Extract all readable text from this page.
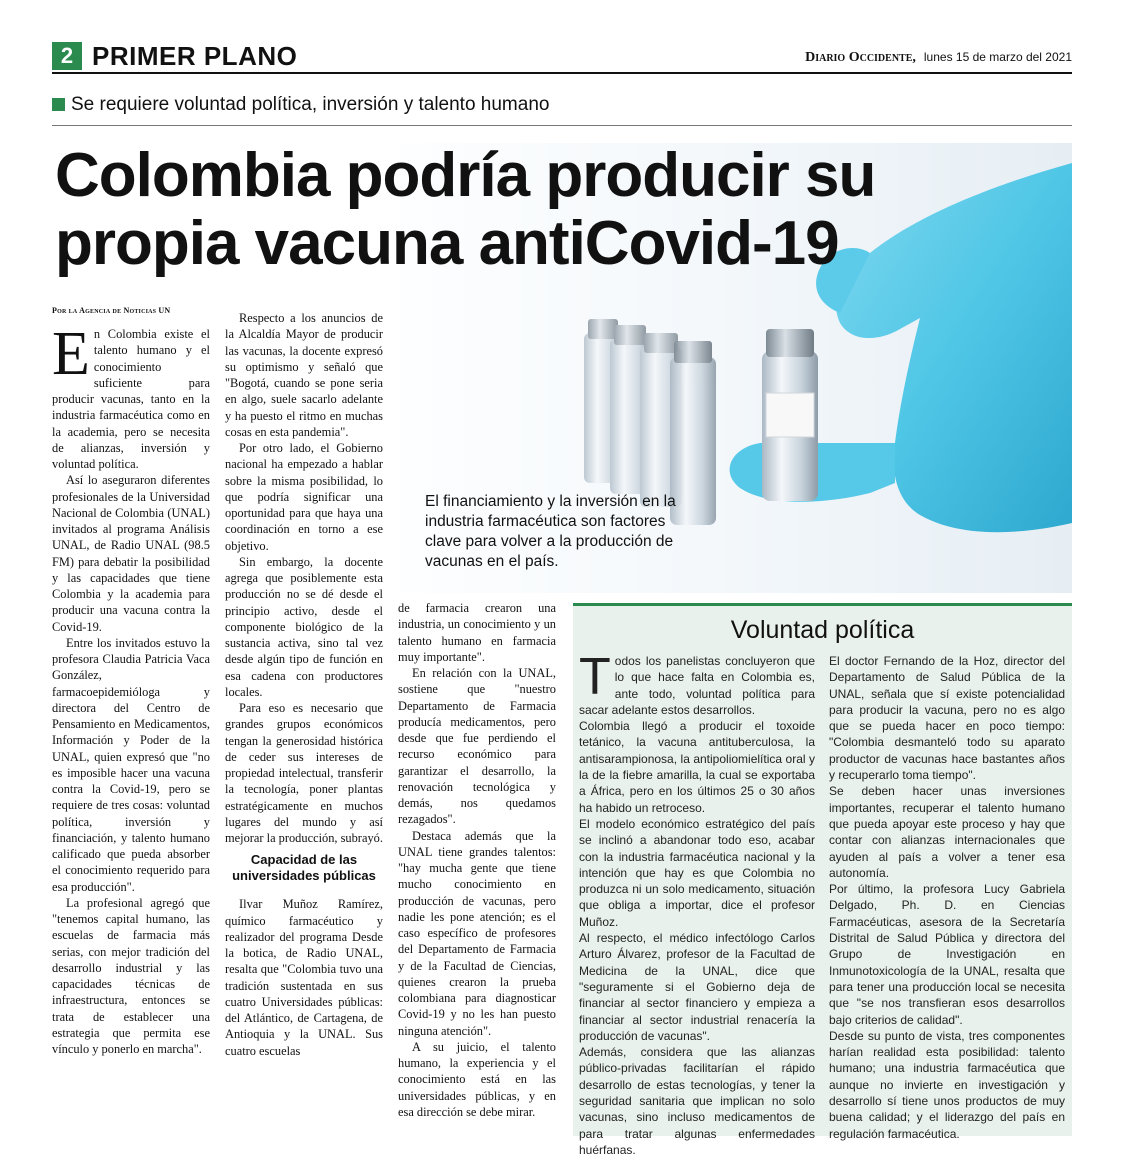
2 PRIMER PLANO	Diario Occidente, lunes 15 de marzo del 2021
Se requiere voluntad política, inversión y talento humano
Colombia podría producir su propia vacuna antiCovid-19
El financiamiento y la inversión en la industria farmacéutica son factores clave para volver a la producción de vacunas en el país.
Por la Agencia de Noticias UN

En Colombia existe el talento humano y el conocimiento suficiente para producir vacunas, tanto en la industria farmacéutica como en la academia, pero se necesita de alianzas, inversión y voluntad política.

Así lo aseguraron diferentes profesionales de la Universidad Nacional de Colombia (UNAL) invitados al programa Análisis UNAL, de Radio UNAL (98.5 FM) para debatir la posibilidad y las capacidades que tiene Colombia y la academia para producir una vacuna contra la Covid-19.

Entre los invitados estuvo la profesora Claudia Patricia Vaca González, farmacoepidemióloga y directora del Centro de Pensamiento en Medicamentos, Información y Poder de la UNAL, quien expresó que "no es imposible hacer una vacuna contra la Covid-19, pero se requiere de tres cosas: voluntad política, inversión y financiación, y talento humano calificado que pueda absorber el conocimiento requerido para esa producción".

La profesional agregó que "tenemos capital humano, las escuelas de farmacia más serias, con mejor tradición del desarrollo industrial y las capacidades técnicas de infraestructura, entonces se trata de establecer una estrategia que permita ese vínculo y ponerlo en marcha".

Respecto a los anuncios de la Alcaldía Mayor de producir las vacunas, la docente expresó su optimismo y señaló que "Bogotá, cuando se pone seria en algo, suele sacarlo adelante y ha puesto el ritmo en muchas cosas en esta pandemia".

Por otro lado, el Gobierno nacional ha empezado a hablar sobre la misma posibilidad, lo que podría significar una oportunidad para que haya una coordinación en torno a ese objetivo.

Sin embargo, la docente agrega que posiblemente esta producción no se dé desde el principio activo, desde el componente biológico de la sustancia activa, sino tal vez desde algún tipo de función en esa cadena con productores locales.

Para eso es necesario que grandes grupos económicos tengan la generosidad histórica de ceder sus intereses de propiedad intelectual, transferir la tecnología, poner plantas estratégicamente en muchos lugares del mundo y así mejorar la producción, subrayó.

Capacidad de las universidades públicas

Ilvar Muñoz Ramírez, químico farmacéutico y realizador del programa Desde la botica, de Radio UNAL, resalta que "Colombia tuvo una tradición sustentada en sus cuatro Universidades públicas: del Atlántico, de Cartagena, de Antioquia y la UNAL. Sus cuatro escuelas

de farmacia crearon una industria, un conocimiento y un talento humano en farmacia muy importante".

En relación con la UNAL, sostiene que "nuestro Departamento de Farmacia producía medicamentos, pero desde que fue perdiendo el recurso económico para garantizar el desarrollo, la renovación tecnológica y demás, nos quedamos rezagados".

Destaca además que la UNAL tiene grandes talentos: "hay mucha gente que tiene mucho conocimiento en producción de vacunas, pero nadie les pone atención; es el caso específico de profesores del Departamento de Farmacia y de la Facultad de Ciencias, quienes crearon la prueba colombiana para diagnosticar Covid-19 y no les han puesto ninguna atención".

A su juicio, el talento humano, la experiencia y el conocimiento está en las universidades públicas, y en esa dirección se debe mirar.

Voluntad política

Todos los panelistas concluyeron que lo que hace falta en Colombia es, ante todo, voluntad política para sacar adelante estos desarrollos.

Colombia llegó a producir el toxoide tetánico, la vacuna antituberculosa, la antisarampionosa, la antipoliomielítica oral y la de la fiebre amarilla, la cual se exportaba a África, pero en los últimos 25 o 30 años ha habido un retroceso.

El modelo económico estratégico del país se inclinó a abandonar todo eso, acabar con la industria farmacéutica nacional y la intención que hay es que Colombia no produzca ni un solo medicamento, situación que obliga a importar, dice el profesor Muñoz.

Al respecto, el médico infectólogo Carlos Arturo Álvarez, profesor de la Facultad de Medicina de la UNAL, dice que "seguramente si el Gobierno deja de financiar al sector financiero y empieza a financiar al sector industrial renacería la producción de vacunas".

Además, considera que las alianzas público-privadas facilitarían el rápido desarrollo de estas tecnologías, y tener la seguridad sanitaria que implican no solo vacunas, sino incluso medicamentos de para tratar algunas enfermedades huérfanas.

El doctor Fernando de la Hoz, director del Departamento de Salud Pública de la UNAL, señala que sí existe potencialidad para producir la vacuna, pero no es algo que se pueda hacer en poco tiempo: "Colombia desmanteló todo su aparato productor de vacunas hace bastantes años y recuperarlo toma tiempo".

Se deben hacer unas inversiones importantes, recuperar el talento humano que pueda apoyar este proceso y hay que contar con alianzas internacionales que ayuden al país a volver a tener esa autonomía.

Por último, la profesora Lucy Gabriela Delgado, Ph. D. en Ciencias Farmacéuticas, asesora de la Secretaría Distrital de Salud Pública y directora del Grupo de Investigación en Inmunotoxicología de la UNAL, resalta que para tener una producción local se necesita que "se nos transfieran esos desarrollos bajo criterios de calidad".

Desde su punto de vista, tres componentes harían realidad esta posibilidad: talento humano; una industria farmacéutica que aunque no invierte en investigación y desarrollo sí tiene unos productos de muy buena calidad; y el liderazgo del país en regulación farmacéutica.
